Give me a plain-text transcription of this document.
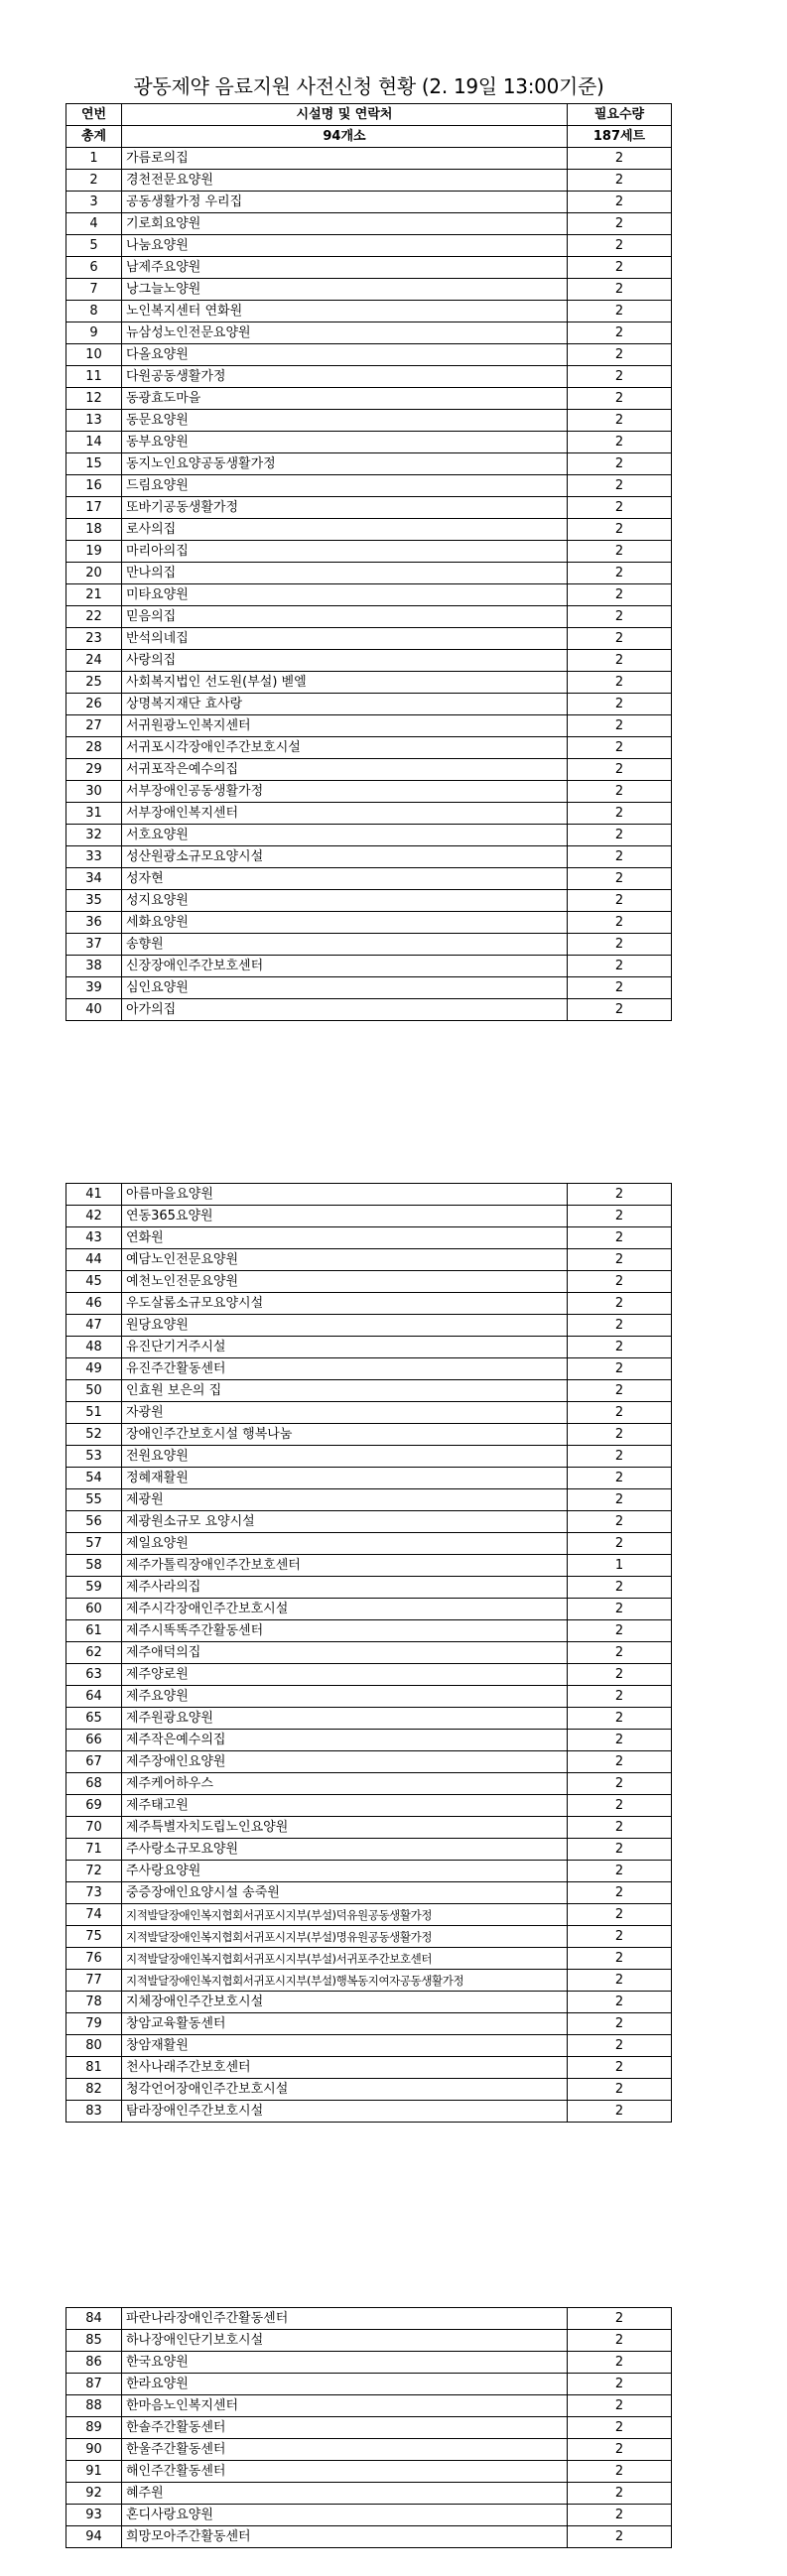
광동제약 음료지원 사전신청 현황 (2. 19일 13:00기준)
연번	시설명 및 연락처	필요수량
총계	94개소	187세트
1	가름로의집	2
2	경천전문요양원	2
3	공동생활가정 우리집	2
4	기로회요양원	2
5	나눔요양원	2
6	남제주요양원	2
7	낭그늘노양원	2
8	노인복지센터 연화원	2
9	뉴삼성노인전문요양원	2
10	다올요양원	2
11	다원공동생활가정	2
12	동광효도마을	2
13	동문요양원	2
14	동부요양원	2
15	동지노인요양공동생활가정	2
16	드림요양원	2
17	또바기공동생활가정	2
18	로사의집	2
19	마리아의집	2
20	만나의집	2
21	미타요양원	2
22	믿음의집	2
23	반석의네집	2
24	사랑의집	2
25	사회복지법인 선도원(부설) 벧엘	2
26	상명복지재단 효사랑	2
27	서귀원광노인복지센터	2
28	서귀포시각장애인주간보호시설	2
29	서귀포작은예수의집	2
30	서부장애인공동생활가정	2
31	서부장애인복지센터	2
32	서호요양원	2
33	성산원광소규모요양시설	2
34	성자현	2
35	성지요양원	2
36	세화요양원	2
37	송향원	2
38	신장장애인주간보호센터	2
39	심인요양원	2
40	아가의집	2
41	아름마을요양원	2
42	연동365요양원	2
43	연화원	2
44	예담노인전문요양원	2
45	예천노인전문요양원	2
46	우도살롬소규모요양시설	2
47	원당요양원	2
48	유진단기거주시설	2
49	유진주간활동센터	2
50	인효원 보은의 집	2
51	자광원	2
52	장애인주간보호시설 행복나눔	2
53	전원요양원	2
54	정혜재활원	2
55	제광원	2
56	제광원소규모 요양시설	2
57	제일요양원	2
58	제주가톨릭장애인주간보호센터	1
59	제주사라의집	2
60	제주시각장애인주간보호시설	2
61	제주시똑똑주간활동센터	2
62	제주애덕의집	2
63	제주양로원	2
64	제주요양원	2
65	제주원광요양원	2
66	제주작은예수의집	2
67	제주장애인요양원	2
68	제주케어하우스	2
69	제주태고원	2
70	제주특별자치도립노인요양원	2
71	주사랑소규모요양원	2
72	주사랑요양원	2
73	중증장애인요양시설 송죽원	2
74	지적발달장애인복지협회서귀포시지부(부설)덕유원공동생활가정	2
75	지적발달장애인복지협회서귀포시지부(부설)명유원공동생활가정	2
76	지적발달장애인복지협회서귀포시지부(부설)서귀포주간보호센터	2
77	지적발달장애인복지협회서귀포시지부(부설)행복동지여자공동생활가정	2
78	지체장애인주간보호시설	2
79	창암교육활동센터	2
80	창암재활원	2
81	천사나래주간보호센터	2
82	청각언어장애인주간보호시설	2
83	탐라장애인주간보호시설	2
84	파란나라장애인주간활동센터	2
85	하나장애인단기보호시설	2
86	한국요양원	2
87	한라요양원	2
88	한마음노인복지센터	2
89	한솔주간활동센터	2
90	한울주간활동센터	2
91	해인주간활동센터	2
92	혜주원	2
93	혼디사랑요양원	2
94	희망모아주간활동센터	2
